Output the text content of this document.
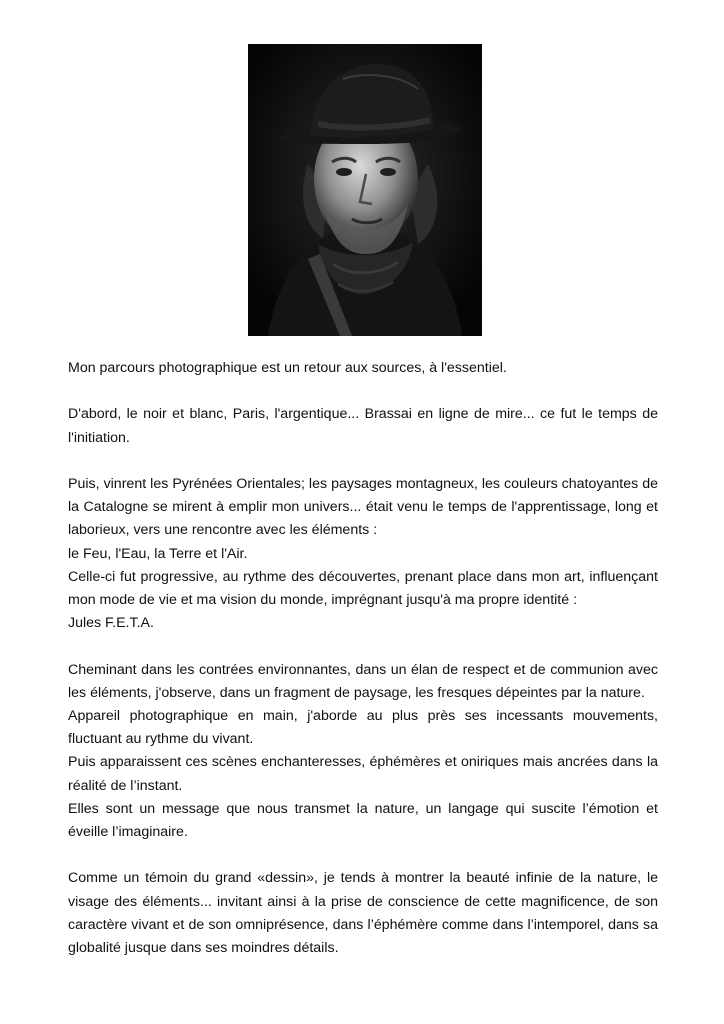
Mon parcours photographique est un retour aux sources, à l'essentiel.

D'abord, le noir et blanc, Paris, l'argentique... Brassai en ligne de mire... ce fut le temps de l'initiation.

Puis, vinrent les Pyrénées Orientales; les paysages montagneux, les couleurs chatoyantes de la Catalogne se mirent à emplir mon univers... était venu le temps de l'apprentissage, long et laborieux, vers une rencontre avec les éléments :
le Feu, l'Eau, la Terre et l'Air.
Celle-ci fut progressive, au rythme des découvertes, prenant place dans mon art, influençant mon mode de vie et ma vision du monde, imprégnant jusqu'à ma propre identité :
Jules F.E.T.A.

Cheminant dans les contrées environnantes, dans un élan de respect et de communion avec les éléments, j'observe, dans un fragment de paysage, les fresques dépeintes par la nature.
Appareil photographique en main, j'aborde au plus près ses incessants mouvements, fluctuant au rythme du vivant.
Puis apparaissent ces scènes enchanteresses, éphémères et oniriques mais ancrées dans la réalité de l’instant.
Elles sont un message que nous transmet la nature, un langage qui suscite l’émotion et éveille l’imaginaire.

Comme un témoin du grand «dessin», je tends à montrer la beauté infinie de la nature, le visage des éléments... invitant ainsi à la prise de conscience de cette magnificence, de son caractère vivant et de son omniprésence, dans l’éphémère comme dans l’intemporel, dans sa globalité jusque dans ses moindres détails.
